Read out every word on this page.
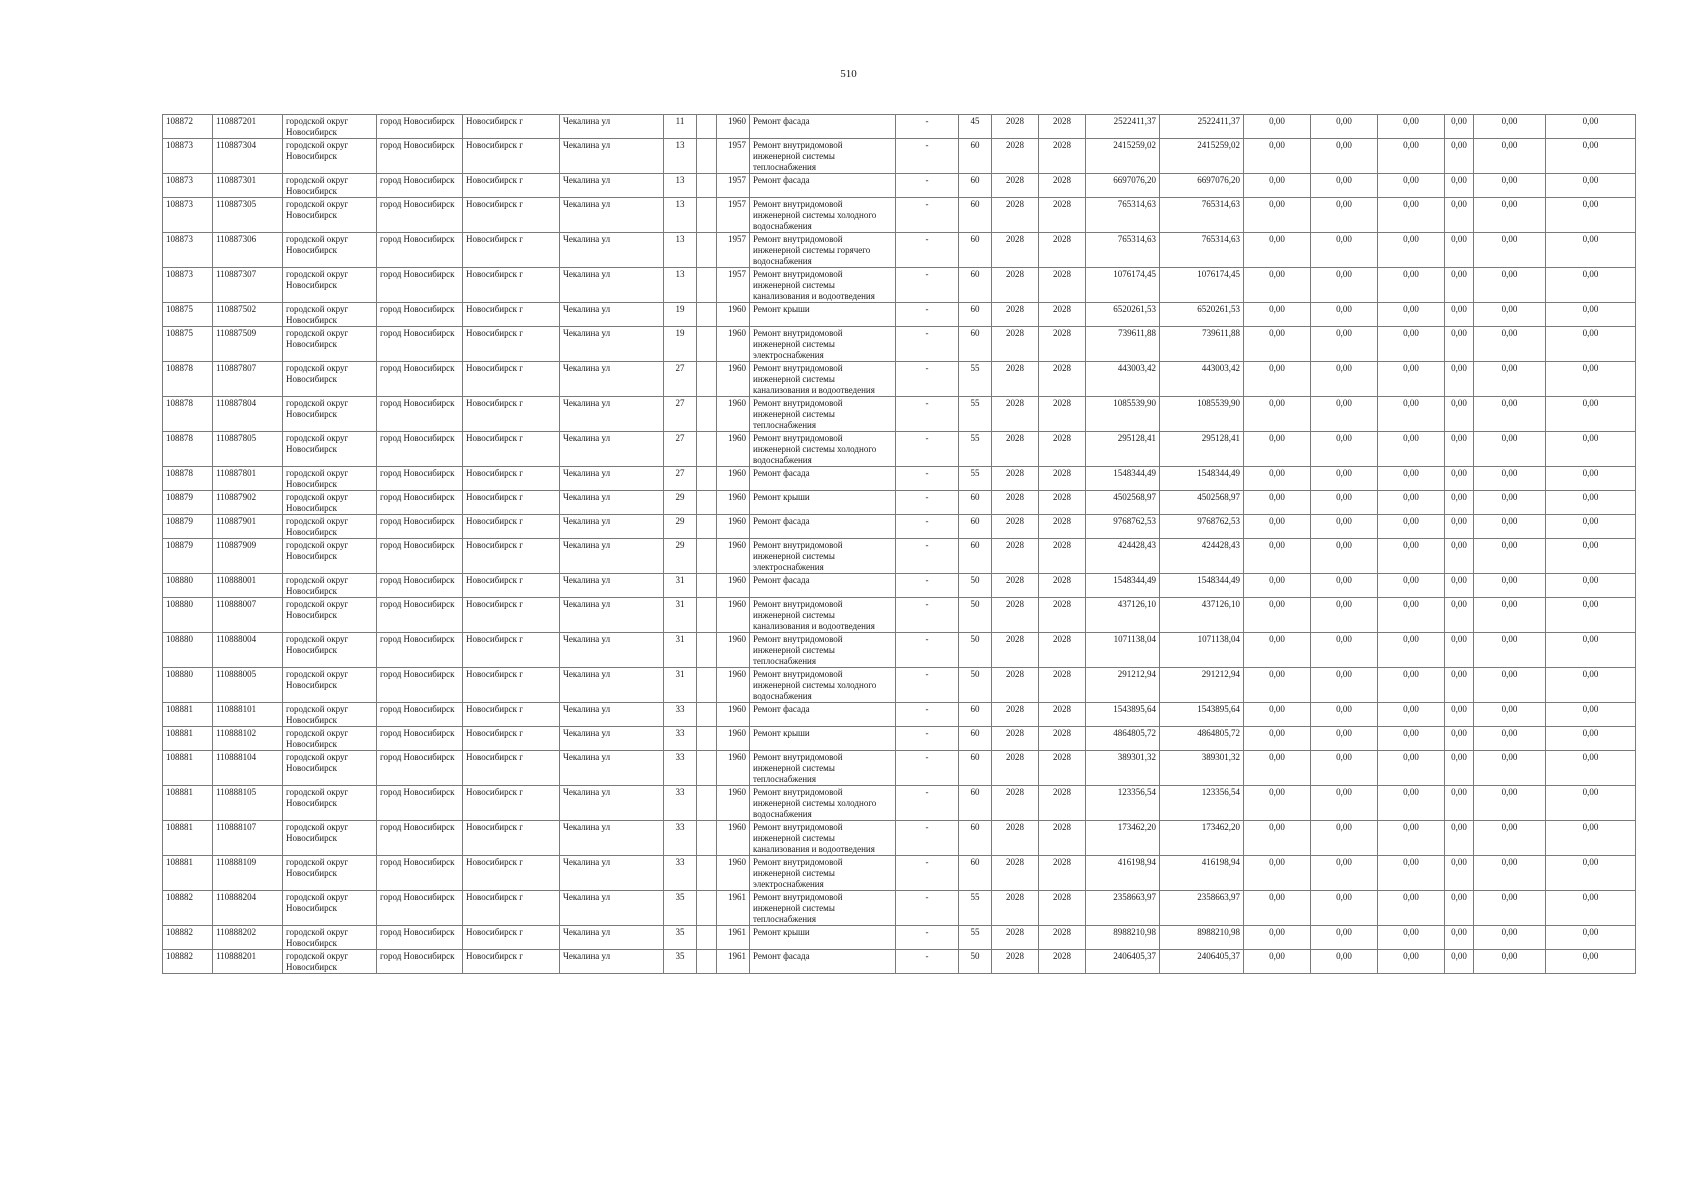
510
108872	110887201	городской округ Новосибирск	город Новосибирск	Новосибирск г	Чекалина ул	11		1960	Ремонт фасада	-	45	2028	2028	2522411,37	2522411,37	0,00	0,00	0,00	0,00	0,00	0,00
108873	110887304	городской округ Новосибирск	город Новосибирск	Новосибирск г	Чекалина ул	13		1957	Ремонт внутридомовой инженерной системы теплоснабжения	-	60	2028	2028	2415259,02	2415259,02	0,00	0,00	0,00	0,00	0,00	0,00
108873	110887301	городской округ Новосибирск	город Новосибирск	Новосибирск г	Чекалина ул	13		1957	Ремонт фасада	-	60	2028	2028	6697076,20	6697076,20	0,00	0,00	0,00	0,00	0,00	0,00
108873	110887305	городской округ Новосибирск	город Новосибирск	Новосибирск г	Чекалина ул	13		1957	Ремонт внутридомовой инженерной системы холодного водоснабжения	-	60	2028	2028	765314,63	765314,63	0,00	0,00	0,00	0,00	0,00	0,00
108873	110887306	городской округ Новосибирск	город Новосибирск	Новосибирск г	Чекалина ул	13		1957	Ремонт внутридомовой инженерной системы горячего водоснабжения	-	60	2028	2028	765314,63	765314,63	0,00	0,00	0,00	0,00	0,00	0,00
108873	110887307	городской округ Новосибирск	город Новосибирск	Новосибирск г	Чекалина ул	13		1957	Ремонт внутридомовой инженерной системы канализования и водоотведения	-	60	2028	2028	1076174,45	1076174,45	0,00	0,00	0,00	0,00	0,00	0,00
108875	110887502	городской округ Новосибирск	город Новосибирск	Новосибирск г	Чекалина ул	19		1960	Ремонт крыши	-	60	2028	2028	6520261,53	6520261,53	0,00	0,00	0,00	0,00	0,00	0,00
108875	110887509	городской округ Новосибирск	город Новосибирск	Новосибирск г	Чекалина ул	19		1960	Ремонт внутридомовой инженерной системы электроснабжения	-	60	2028	2028	739611,88	739611,88	0,00	0,00	0,00	0,00	0,00	0,00
108878	110887807	городской округ Новосибирск	город Новосибирск	Новосибирск г	Чекалина ул	27		1960	Ремонт внутридомовой инженерной системы канализования и водоотведения	-	55	2028	2028	443003,42	443003,42	0,00	0,00	0,00	0,00	0,00	0,00
108878	110887804	городской округ Новосибирск	город Новосибирск	Новосибирск г	Чекалина ул	27		1960	Ремонт внутридомовой инженерной системы теплоснабжения	-	55	2028	2028	1085539,90	1085539,90	0,00	0,00	0,00	0,00	0,00	0,00
108878	110887805	городской округ Новосибирск	город Новосибирск	Новосибирск г	Чекалина ул	27		1960	Ремонт внутридомовой инженерной системы холодного водоснабжения	-	55	2028	2028	295128,41	295128,41	0,00	0,00	0,00	0,00	0,00	0,00
108878	110887801	городской округ Новосибирск	город Новосибирск	Новосибирск г	Чекалина ул	27		1960	Ремонт фасада	-	55	2028	2028	1548344,49	1548344,49	0,00	0,00	0,00	0,00	0,00	0,00
108879	110887902	городской округ Новосибирск	город Новосибирск	Новосибирск г	Чекалина ул	29		1960	Ремонт крыши	-	60	2028	2028	4502568,97	4502568,97	0,00	0,00	0,00	0,00	0,00	0,00
108879	110887901	городской округ Новосибирск	город Новосибирск	Новосибирск г	Чекалина ул	29		1960	Ремонт фасада	-	60	2028	2028	9768762,53	9768762,53	0,00	0,00	0,00	0,00	0,00	0,00
108879	110887909	городской округ Новосибирск	город Новосибирск	Новосибирск г	Чекалина ул	29		1960	Ремонт внутридомовой инженерной системы электроснабжения	-	60	2028	2028	424428,43	424428,43	0,00	0,00	0,00	0,00	0,00	0,00
108880	110888001	городской округ Новосибирск	город Новосибирск	Новосибирск г	Чекалина ул	31		1960	Ремонт фасада	-	50	2028	2028	1548344,49	1548344,49	0,00	0,00	0,00	0,00	0,00	0,00
108880	110888007	городской округ Новосибирск	город Новосибирск	Новосибирск г	Чекалина ул	31		1960	Ремонт внутридомовой инженерной системы канализования и водоотведения	-	50	2028	2028	437126,10	437126,10	0,00	0,00	0,00	0,00	0,00	0,00
108880	110888004	городской округ Новосибирск	город Новосибирск	Новосибирск г	Чекалина ул	31		1960	Ремонт внутридомовой инженерной системы теплоснабжения	-	50	2028	2028	1071138,04	1071138,04	0,00	0,00	0,00	0,00	0,00	0,00
108880	110888005	городской округ Новосибирск	город Новосибирск	Новосибирск г	Чекалина ул	31		1960	Ремонт внутридомовой инженерной системы холодного водоснабжения	-	50	2028	2028	291212,94	291212,94	0,00	0,00	0,00	0,00	0,00	0,00
108881	110888101	городской округ Новосибирск	город Новосибирск	Новосибирск г	Чекалина ул	33		1960	Ремонт фасада	-	60	2028	2028	1543895,64	1543895,64	0,00	0,00	0,00	0,00	0,00	0,00
108881	110888102	городской округ Новосибирск	город Новосибирск	Новосибирск г	Чекалина ул	33		1960	Ремонт крыши	-	60	2028	2028	4864805,72	4864805,72	0,00	0,00	0,00	0,00	0,00	0,00
108881	110888104	городской округ Новосибирск	город Новосибирск	Новосибирск г	Чекалина ул	33		1960	Ремонт внутридомовой инженерной системы теплоснабжения	-	60	2028	2028	389301,32	389301,32	0,00	0,00	0,00	0,00	0,00	0,00
108881	110888105	городской округ Новосибирск	город Новосибирск	Новосибирск г	Чекалина ул	33		1960	Ремонт внутридомовой инженерной системы холодного водоснабжения	-	60	2028	2028	123356,54	123356,54	0,00	0,00	0,00	0,00	0,00	0,00
108881	110888107	городской округ Новосибирск	город Новосибирск	Новосибирск г	Чекалина ул	33		1960	Ремонт внутридомовой инженерной системы канализования и водоотведения	-	60	2028	2028	173462,20	173462,20	0,00	0,00	0,00	0,00	0,00	0,00
108881	110888109	городской округ Новосибирск	город Новосибирск	Новосибирск г	Чекалина ул	33		1960	Ремонт внутридомовой инженерной системы электроснабжения	-	60	2028	2028	416198,94	416198,94	0,00	0,00	0,00	0,00	0,00	0,00
108882	110888204	городской округ Новосибирск	город Новосибирск	Новосибирск г	Чекалина ул	35		1961	Ремонт внутридомовой инженерной системы теплоснабжения	-	55	2028	2028	2358663,97	2358663,97	0,00	0,00	0,00	0,00	0,00	0,00
108882	110888202	городской округ Новосибирск	город Новосибирск	Новосибирск г	Чекалина ул	35		1961	Ремонт крыши	-	55	2028	2028	8988210,98	8988210,98	0,00	0,00	0,00	0,00	0,00	0,00
108882	110888201	городской округ Новосибирск	город Новосибирск	Новосибирск г	Чекалина ул	35		1961	Ремонт фасада	-	50	2028	2028	2406405,37	2406405,37	0,00	0,00	0,00	0,00	0,00	0,00
